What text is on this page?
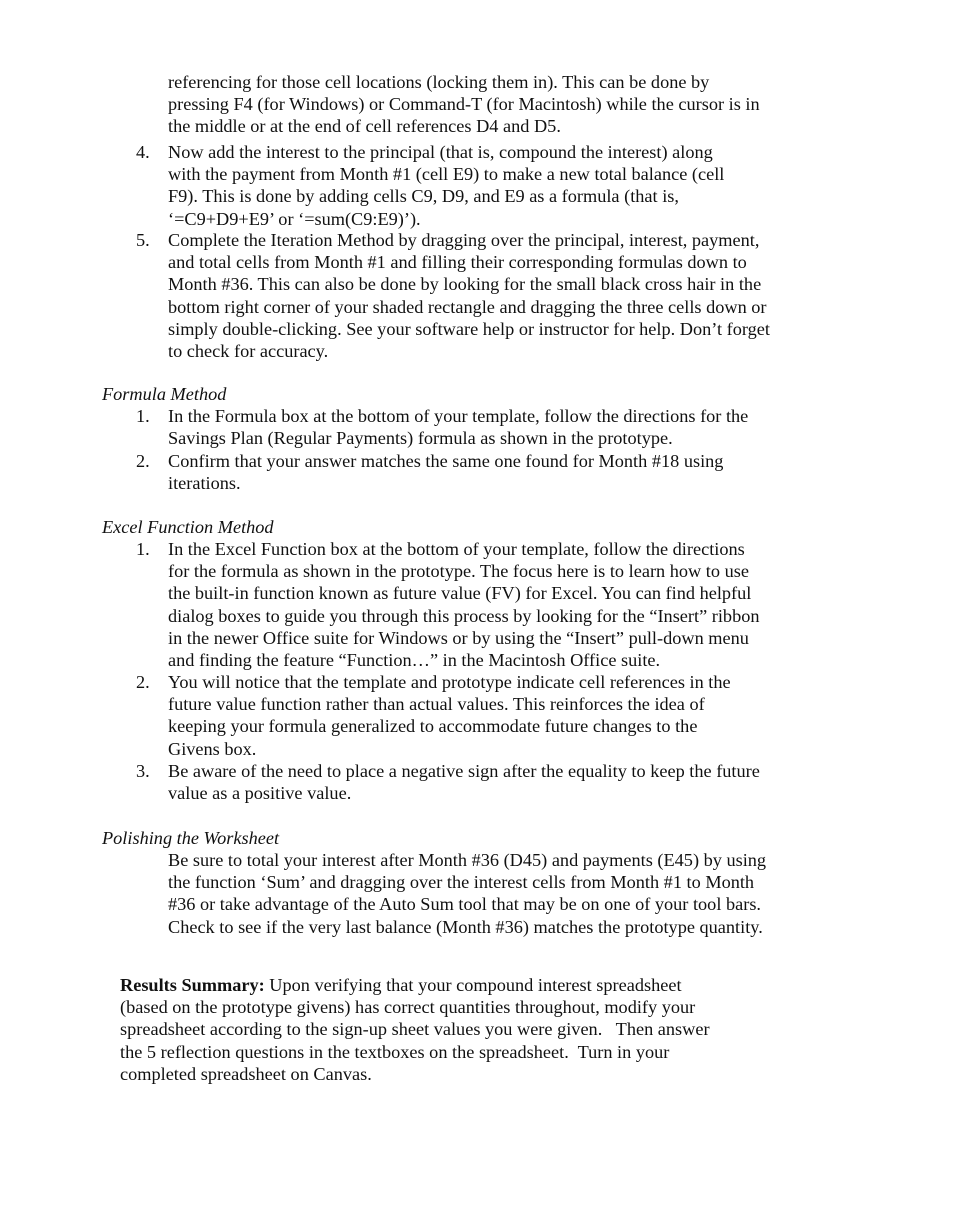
referencing for those cell locations (locking them in). This can be done by
pressing F4 (for Windows) or Command-T (for Macintosh) while the cursor is in
the middle or at the end of cell references D4 and D5.
4. Now add the interest to the principal (that is, compound the interest) along
with the payment from Month #1 (cell E9) to make a new total balance (cell
F9). This is done by adding cells C9, D9, and E9 as a formula (that is,
‘=C9+D9+E9’ or ‘=sum(C9:E9)’).
5. Complete the Iteration Method by dragging over the principal, interest, payment,
and total cells from Month #1 and filling their corresponding formulas down to
Month #36. This can also be done by looking for the small black cross hair in the
bottom right corner of your shaded rectangle and dragging the three cells down or
simply double-clicking. See your software help or instructor for help. Don’t forget
to check for accuracy.
Formula Method
1. In the Formula box at the bottom of your template, follow the directions for the
Savings Plan (Regular Payments) formula as shown in the prototype.
2. Confirm that your answer matches the same one found for Month #18 using
iterations.
Excel Function Method
1. In the Excel Function box at the bottom of your template, follow the directions
for the formula as shown in the prototype. The focus here is to learn how to use
the built-in function known as future value (FV) for Excel. You can find helpful
dialog boxes to guide you through this process by looking for the “Insert” ribbon
in the newer Office suite for Windows or by using the “Insert” pull-down menu
and finding the feature “Function…” in the Macintosh Office suite.
2. You will notice that the template and prototype indicate cell references in the
future value function rather than actual values. This reinforces the idea of
keeping your formula generalized to accommodate future changes to the
Givens box.
3. Be aware of the need to place a negative sign after the equality to keep the future
value as a positive value.
Polishing the Worksheet
Be sure to total your interest after Month #36 (D45) and payments (E45) by using
the function ‘Sum’ and dragging over the interest cells from Month #1 to Month
#36 or take advantage of the Auto Sum tool that may be on one of your tool bars.
Check to see if the very last balance (Month #36) matches the prototype quantity.
Results Summary: Upon verifying that your compound interest spreadsheet
(based on the prototype givens) has correct quantities throughout, modify your
spreadsheet according to the sign-up sheet values you were given.   Then answer
the 5 reflection questions in the textboxes on the spreadsheet.  Turn in your
completed spreadsheet on Canvas.
